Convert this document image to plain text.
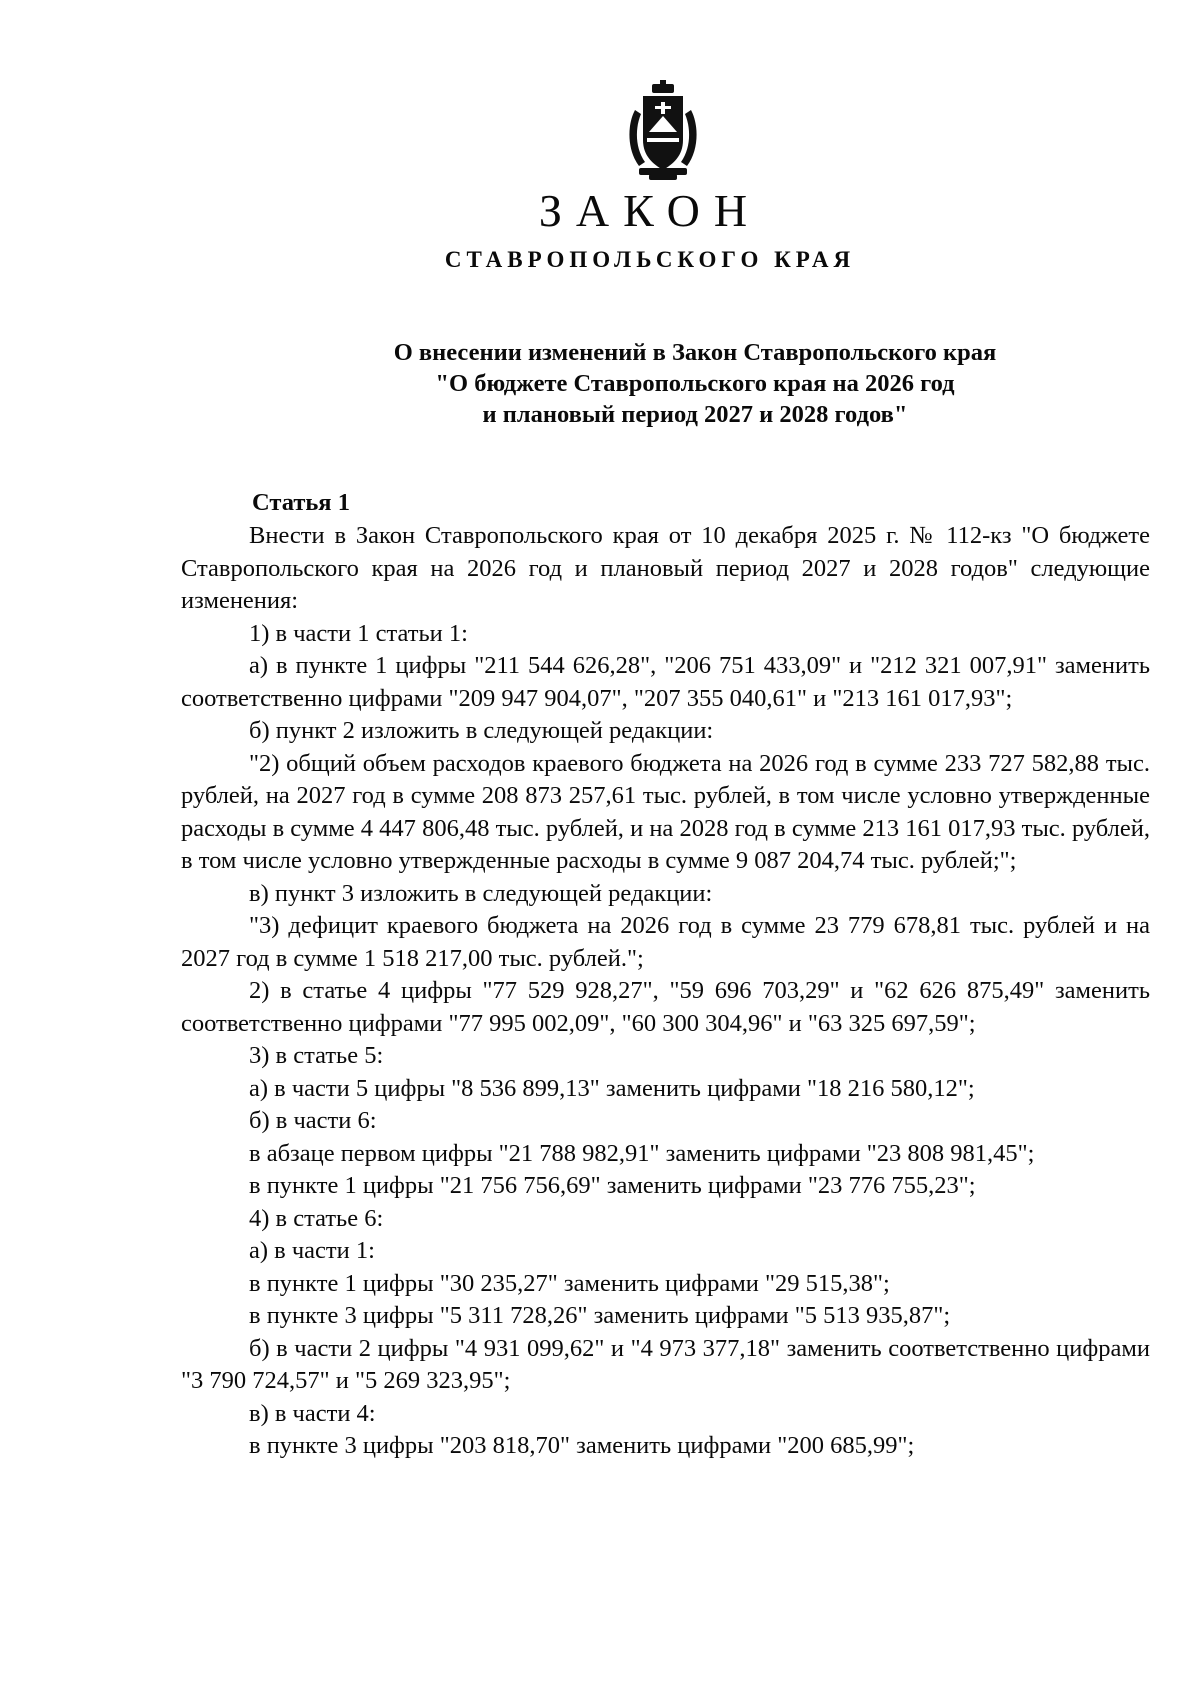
ЗАКОН
СТАВРОПОЛЬСКОГО КРАЯ
О внесении изменений в Закон Ставропольского края
"О бюджете Ставропольского края на 2026 год
и плановый период 2027 и 2028 годов"
Статья 1

Внести в Закон Ставропольского края от 10 декабря 2025 г. № 112-кз "О бюджете Ставропольского края на 2026 год и плановый период 2027 и 2028 годов" следующие изменения:

1) в части 1 статьи 1:

а) в пункте 1 цифры "211 544 626,28", "206 751 433,09" и "212 321 007,91" заменить соответственно цифрами "209 947 904,07", "207 355 040,61" и "213 161 017,93";

б) пункт 2 изложить в следующей редакции:

"2) общий объем расходов краевого бюджета на 2026 год в сумме 233 727 582,88 тыс. рублей, на 2027 год в сумме 208 873 257,61 тыс. рублей, в том числе условно утвержденные расходы в сумме 4 447 806,48 тыс. рублей, и на 2028 год в сумме 213 161 017,93 тыс. рублей, в том числе условно утвержденные расходы в сумме 9 087 204,74 тыс. рублей;";

в) пункт 3 изложить в следующей редакции:

"3) дефицит краевого бюджета на 2026 год в сумме 23 779 678,81 тыс. рублей и на 2027 год в сумме 1 518 217,00 тыс. рублей.";

2) в статье 4 цифры "77 529 928,27", "59 696 703,29" и "62 626 875,49" заменить соответственно цифрами "77 995 002,09", "60 300 304,96" и "63 325 697,59";

3) в статье 5:

а) в части 5 цифры "8 536 899,13" заменить цифрами "18 216 580,12";

б) в части 6:

в абзаце первом цифры "21 788 982,91" заменить цифрами "23 808 981,45";

в пункте 1 цифры "21 756 756,69" заменить цифрами "23 776 755,23";

4) в статье 6:

а) в части 1:

в пункте 1 цифры "30 235,27" заменить цифрами "29 515,38";

в пункте 3 цифры "5 311 728,26" заменить цифрами "5 513 935,87";

б) в части 2 цифры "4 931 099,62" и "4 973 377,18" заменить соответственно цифрами "3 790 724,57" и "5 269 323,95";

в) в части 4:

в пункте 3 цифры "203 818,70" заменить цифрами "200 685,99";
